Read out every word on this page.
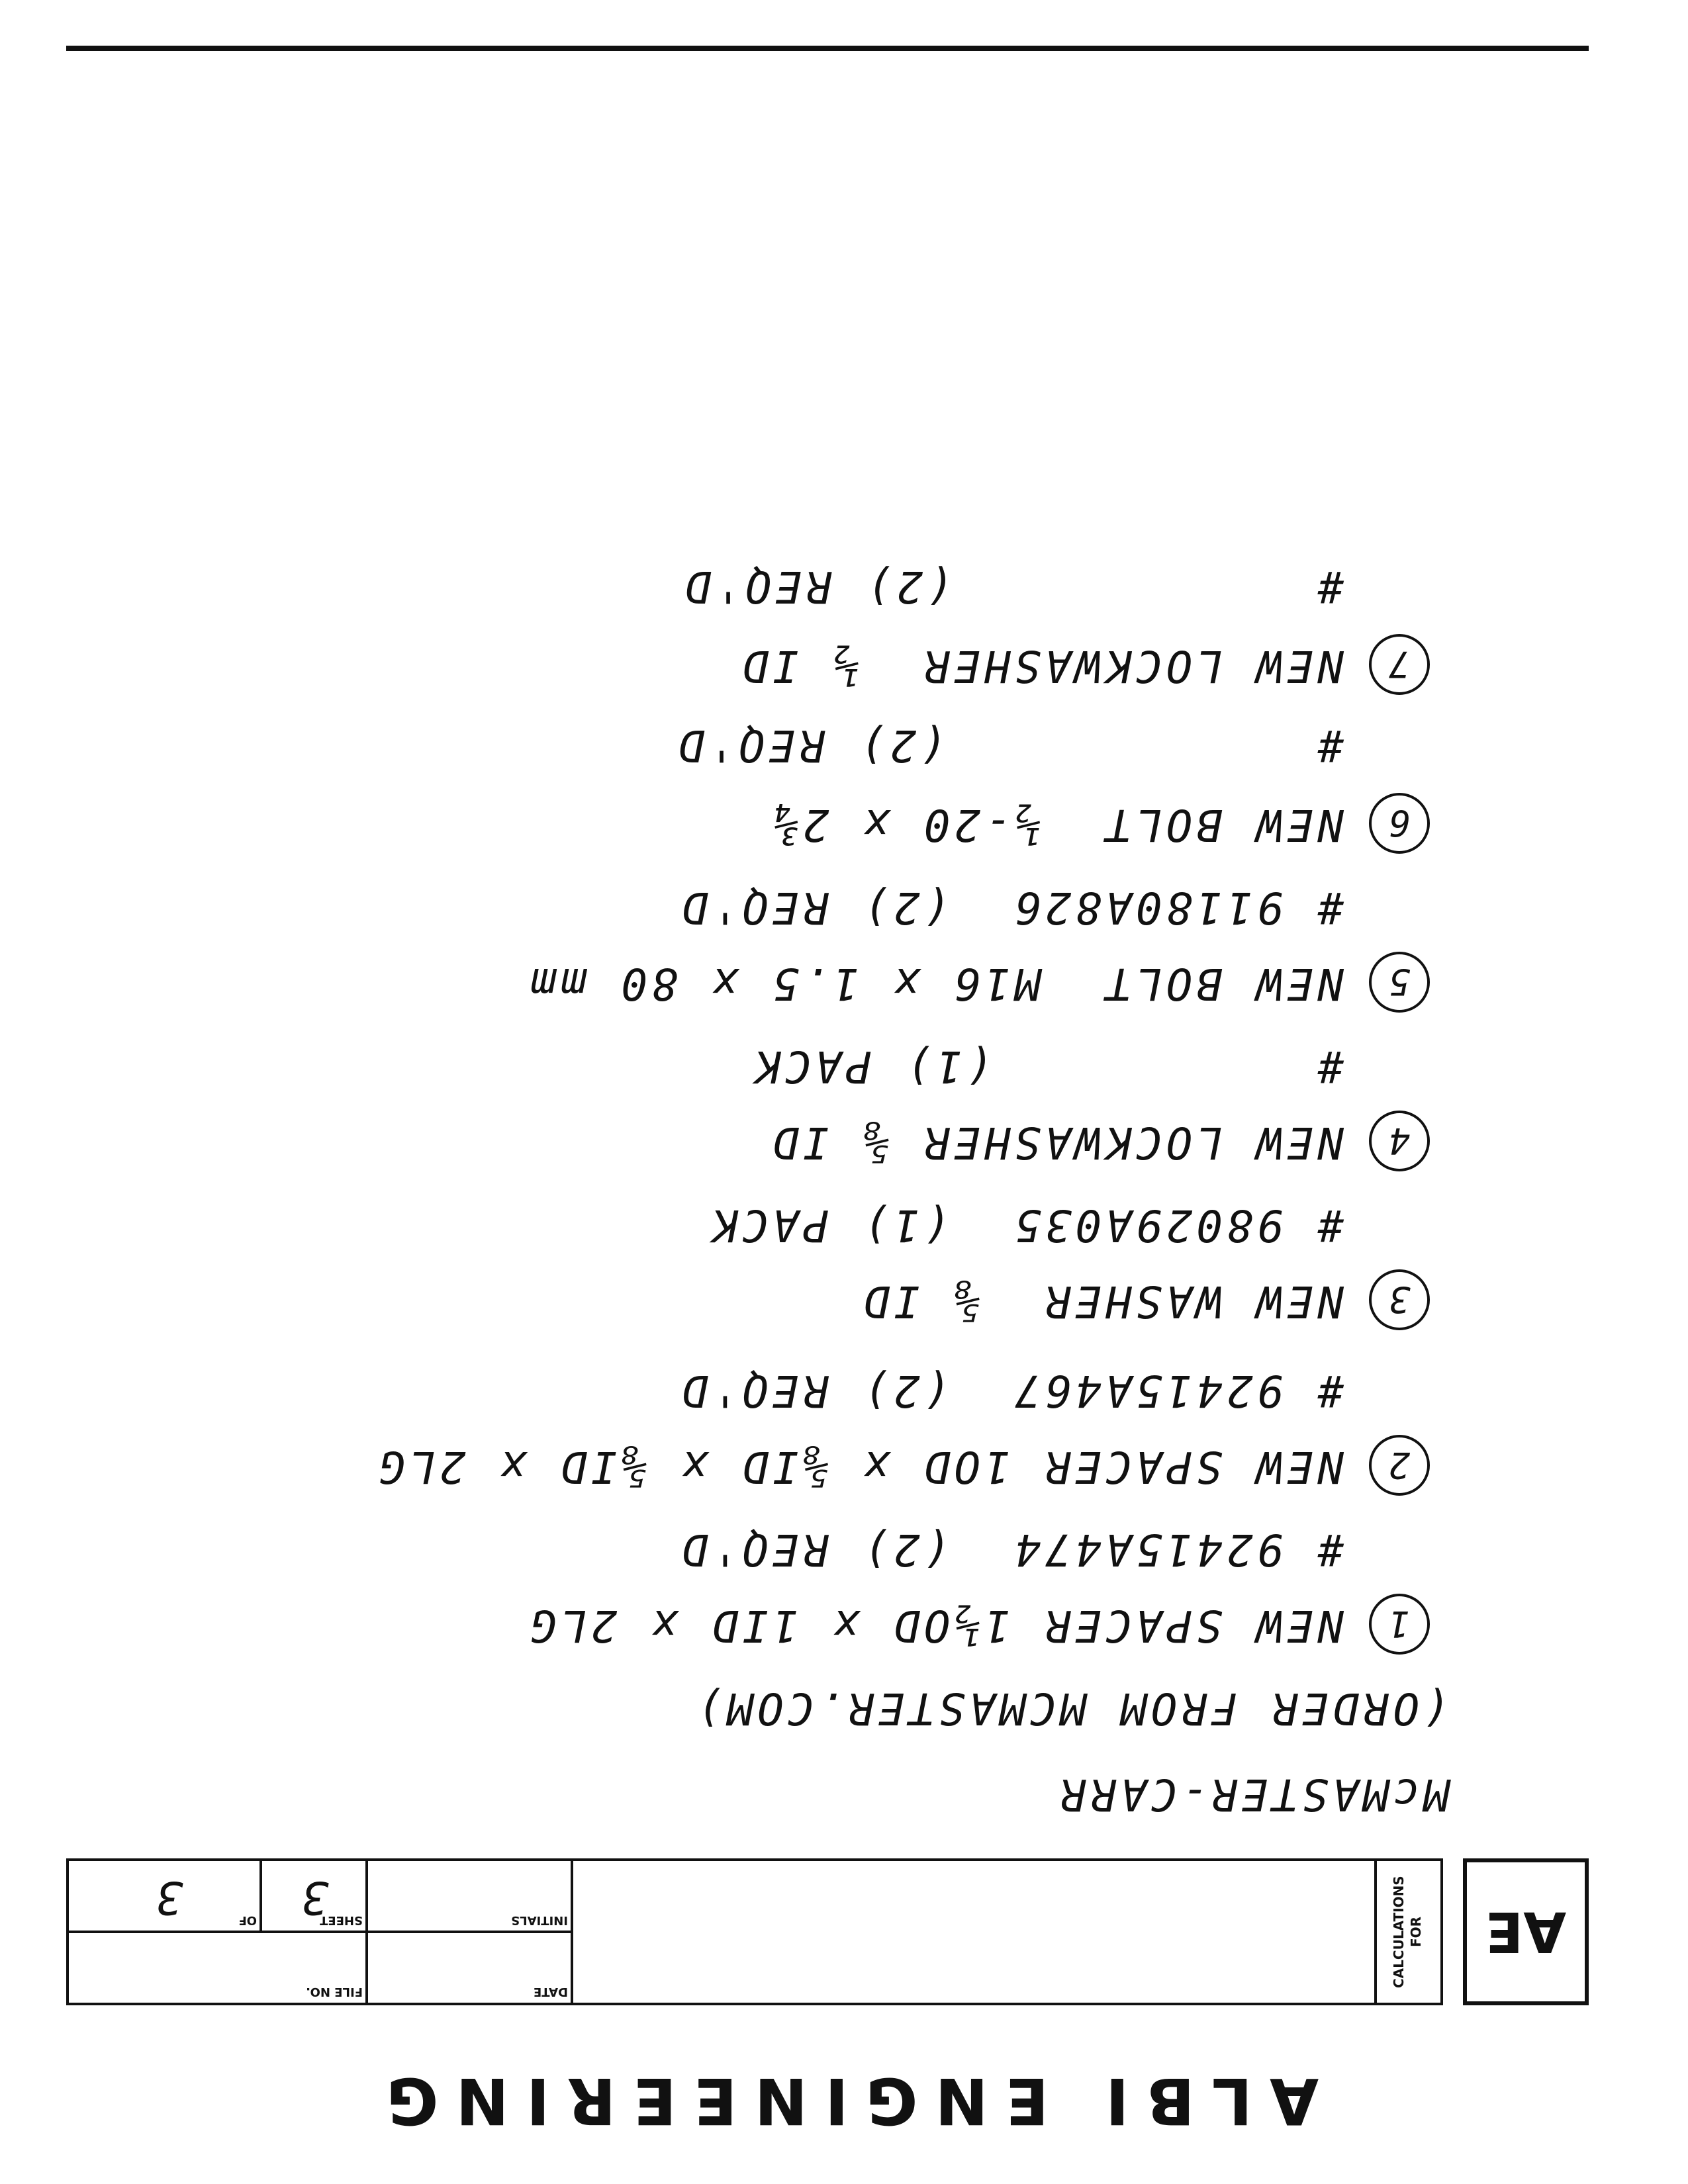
ALBI ENGINEERING
AE
CALCULATIONS FOR
DATE
INITIALS
FILE NO.
SHEET
OF 3
3
McMASTER-CARR
(ORDER FROM MCMASTER.COM)
1
NEW SPACER 1½OD x 1ID x 2LG
# 92415A474  (2) REQ'D
2
NEW SPACER 1OD x ⅝ID x ⅝ID x 2LG
# 92415A467  (2) REQ'D
3
NEW WASHER  ⅝ ID
# 98029A035  (1) PACK
4
NEW LOCKWASHER ⅝ ID
#
(1) PACK
5
NEW BOLT  M16 x 1.5 x 80 mm
# 91180A826  (2) REQ'D
6
NEW BOLT  ½-20 x 2¾
#
(2) REQ'D
7
NEW LOCKWASHER  ½ ID
#
(2) REQ'D
